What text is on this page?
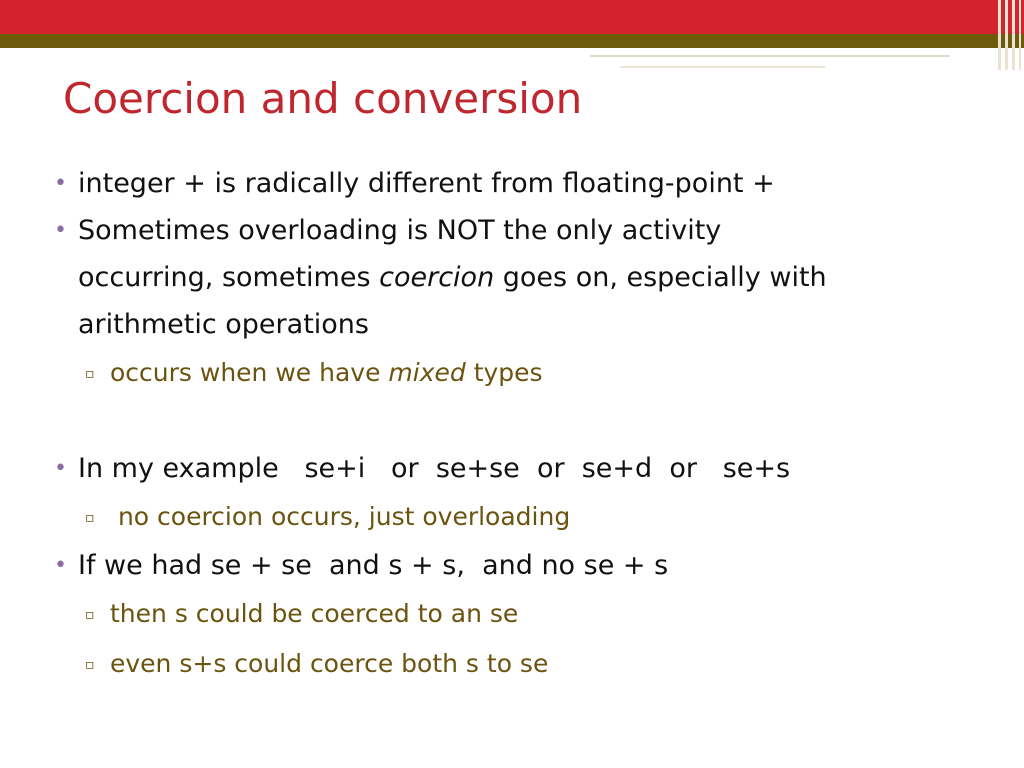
Coercion and conversion
• integer + is radically different from floating-point +
• Sometimes overloading is NOT the only activity
occurring, sometimes coercion goes on, especially with
arithmetic operations
▫ occurs when we have mixed types
• In my example   se+i   or  se+se  or  se+d  or   se+s
▫ no coercion occurs, just overloading
• If we had se + se  and s + s,  and no se + s
▫ then s could be coerced to an se
▫ even s+s could coerce both s to se
